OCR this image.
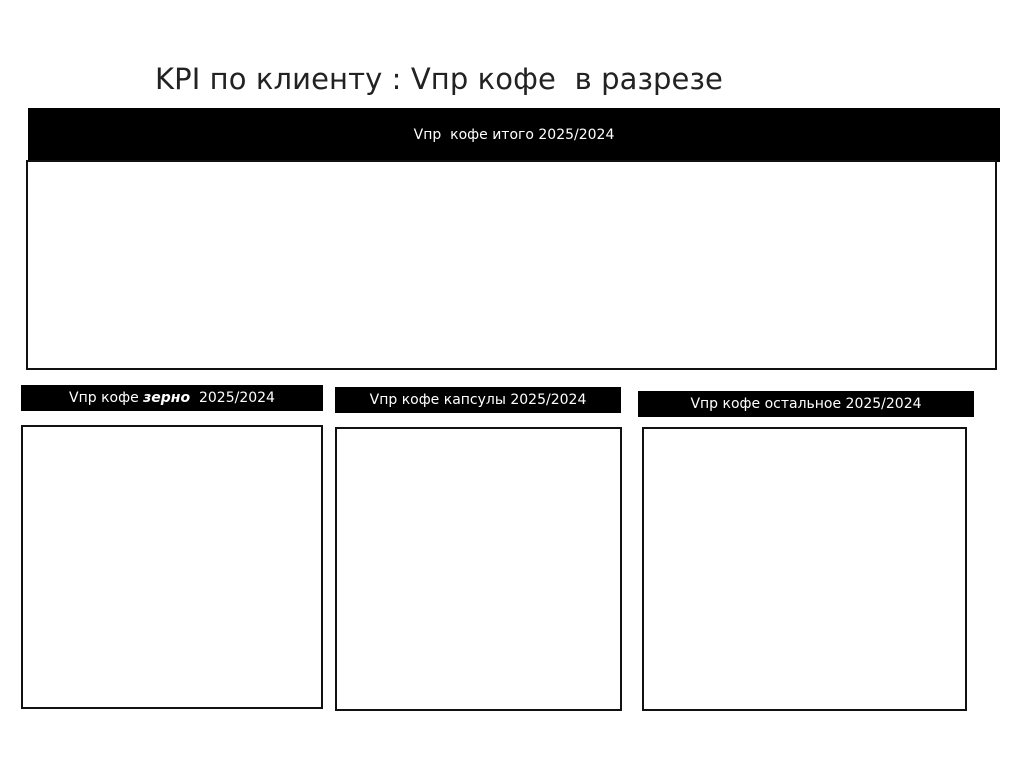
KPI по клиенту : Vпр кофе  в разрезе
Vпр  кофе итого 2025/2024
Vпр кофе зерно 2025/2024	Vпр кофе капсулы 2025/2024	Vпр кофе остальное 2025/2024
